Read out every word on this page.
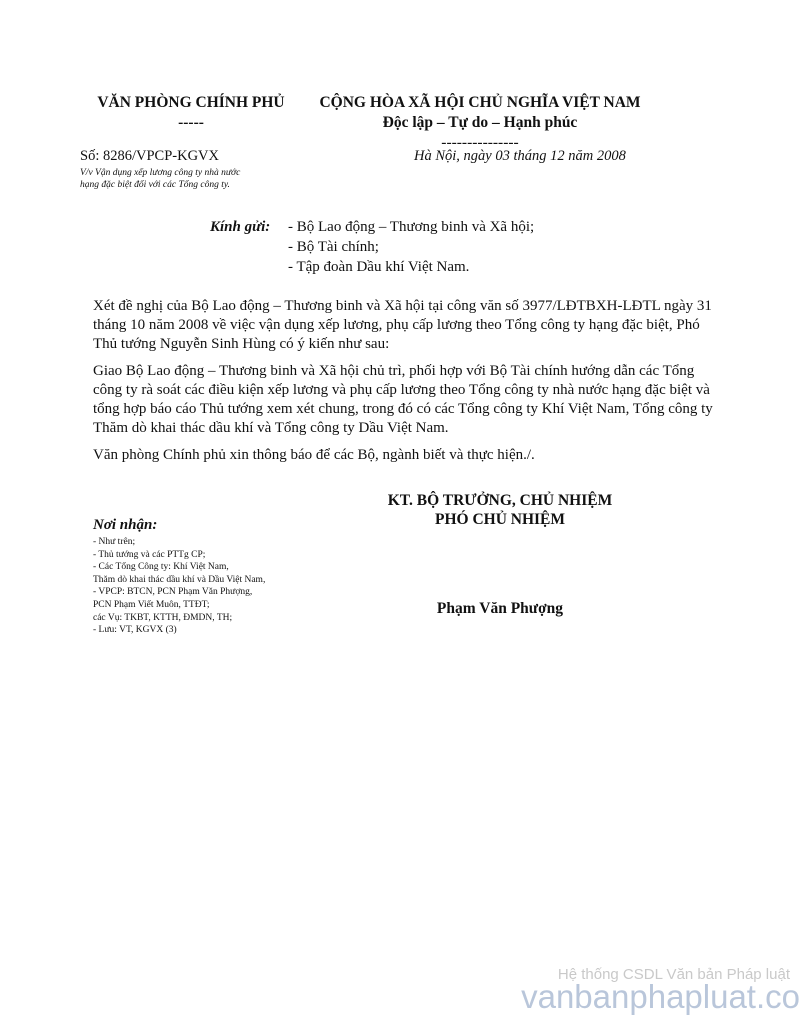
VĂN PHÒNG CHÍNH PHỦ
-----
CỘNG HÒA XÃ HỘI CHỦ NGHĨA VIỆT NAM
Độc lập – Tự do – Hạnh phúc
---------------
Số: 8286/VPCP-KGVX	Hà Nội, ngày 03 tháng 12 năm 2008
V/v Vận dụng xếp lương công ty nhà nước
hạng đặc biệt đối với các Tổng công ty.
Kính gửi:	- Bộ Lao động – Thương binh và Xã hội;
- Bộ Tài chính;
- Tập đoàn Dầu khí Việt Nam.

Xét đề nghị của Bộ Lao động – Thương binh và Xã hội tại công văn số 3977/LĐTBXH-LĐTL ngày 31 tháng 10 năm 2008 về việc vận dụng xếp lương, phụ cấp lương theo Tổng công ty hạng đặc biệt, Phó Thủ tướng Nguyễn Sinh Hùng có ý kiến như sau:

Giao Bộ Lao động – Thương binh và Xã hội chủ trì, phối hợp với Bộ Tài chính hướng dẫn các Tổng công ty rà soát các điều kiện xếp lương và phụ cấp lương theo Tổng công ty nhà nước hạng đặc biệt và tổng hợp báo cáo Thủ tướng xem xét chung, trong đó có các Tổng công ty Khí Việt Nam, Tổng công ty Thăm dò khai thác dầu khí và Tổng công ty Dầu Việt Nam.

Văn phòng Chính phủ xin thông báo để các Bộ, ngành biết và thực hiện./.

KT. BỘ TRƯỞNG, CHỦ NHIỆM
PHÓ CHỦ NHIỆM
Phạm Văn Phượng
Nơi nhận:
- Như trên;
- Thủ tướng và các PTTg CP;
- Các Tổng Công ty: Khí Việt Nam,
Thăm dò khai thác dầu khí và Dầu Việt Nam,
- VPCP: BTCN, PCN Phạm Văn Phượng,
PCN Phạm Viết Muôn, TTĐT;
các Vụ: TKBT, KTTH, ĐMDN, TH;
- Lưu: VT, KGVX (3)
Hệ thống CSDL Văn bản Pháp luật
vanbanphapluat.co
